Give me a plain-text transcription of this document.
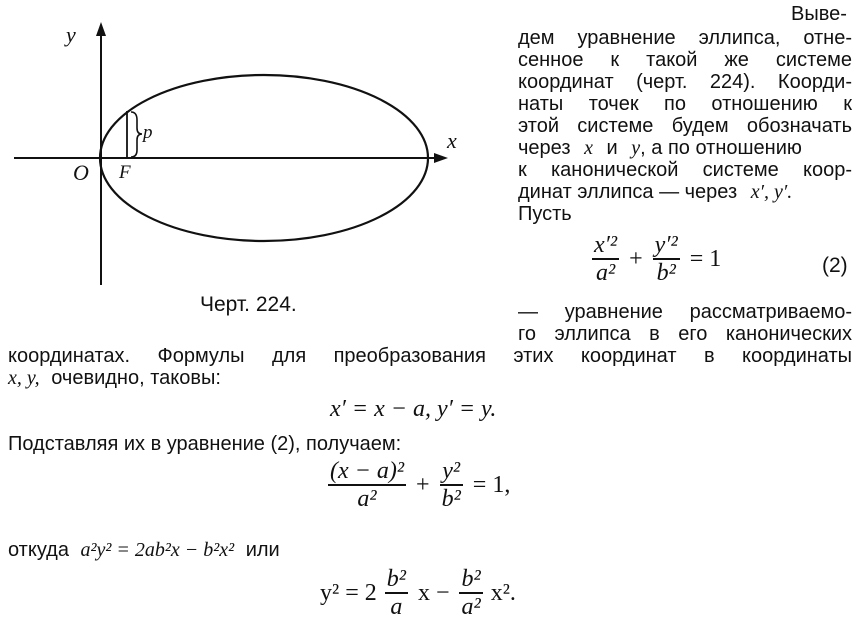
y
x
O F
p
Черт. 224.
Выве-
дем уравнение эллипса, отне-
сенное к такой же системе
координат (черт. 224). Коорди-
наты точек по отношению к
этой системе будем обозначать
через x и y, а по отношению
к канонической системе коор-
динат эллипса — через x′, y′.
Пусть
$\frac{\text{x′²}}{\text{a²}} + \frac{\text{y′²}}{\text{b²}} = 1$	(2)
— уравнение рассматриваемо-
го эллипса в его канонических
координатах. Формулы для преобразования этих координат в координаты
x, y, очевидно, таковы:
x′ = x − a, y′ = y.
Подставляя их в уравнение (2), получаем:
$\frac{\text{(x − a)²}}{\text{a²}} + \frac{\text{y²}}{\text{b²}} = 1$,
откуда a²y² = 2ab²x − b²x² или
$y^2 = 2 \frac{\text{b²}}{a}$ $x - \frac{\text{b²}}{\text{a²}} x^2$.
